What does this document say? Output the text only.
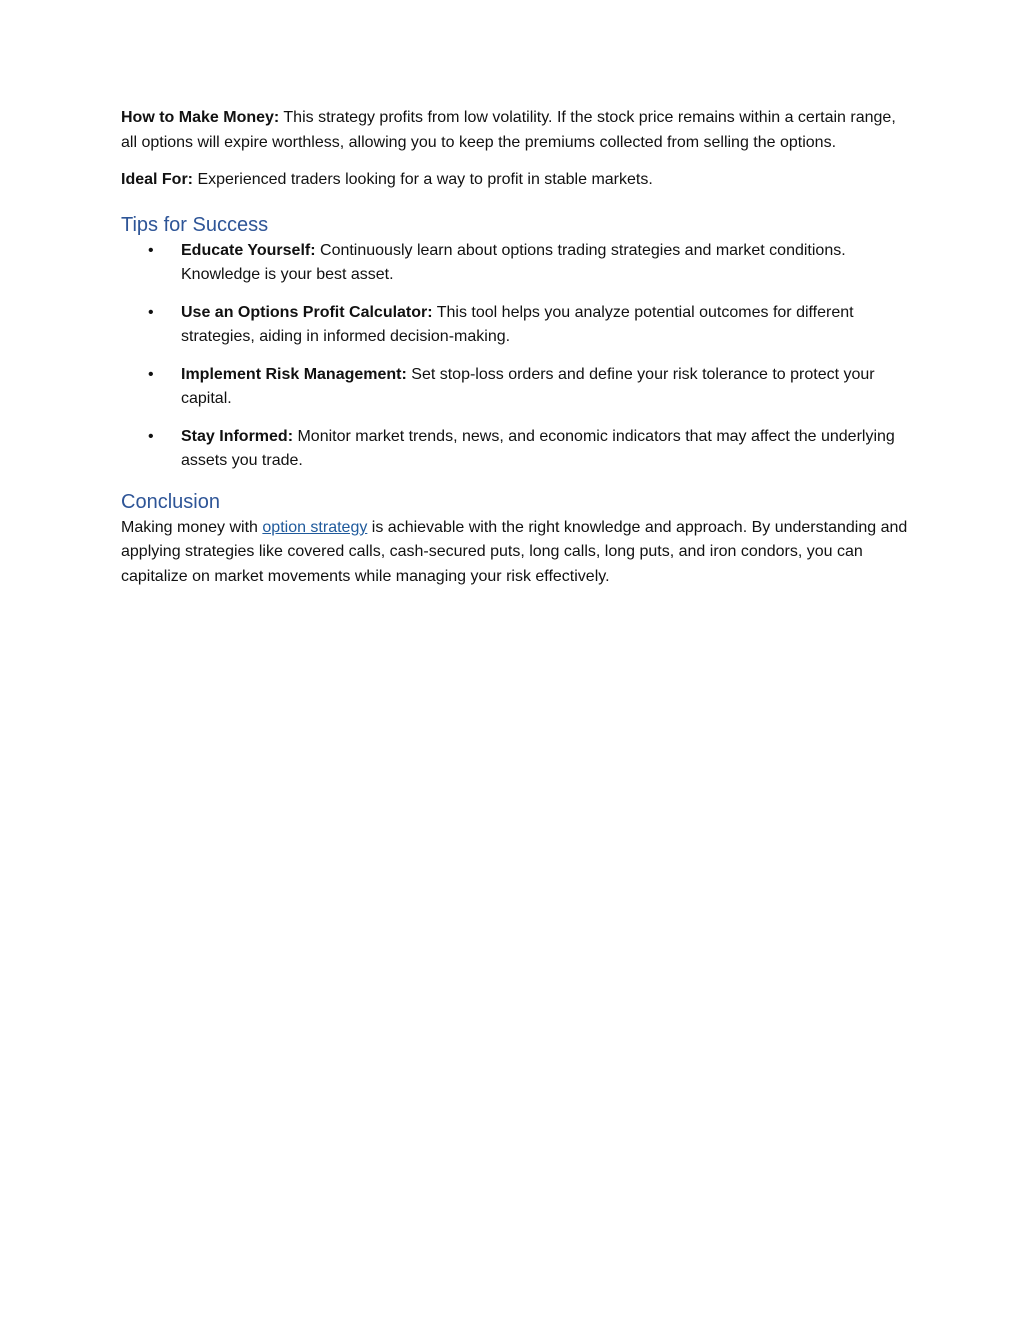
How to Make Money: This strategy profits from low volatility. If the stock price remains within a certain range, all options will expire worthless, allowing you to keep the premiums collected from selling the options.

Ideal For: Experienced traders looking for a way to profit in stable markets.

Tips for Success
• Educate Yourself: Continuously learn about options trading strategies and market conditions. Knowledge is your best asset.
• Use an Options Profit Calculator: This tool helps you analyze potential outcomes for different strategies, aiding in informed decision-making.
• Implement Risk Management: Set stop-loss orders and define your risk tolerance to protect your capital.
• Stay Informed: Monitor market trends, news, and economic indicators that may affect the underlying assets you trade.
Conclusion

Making money with option strategy is achievable with the right knowledge and approach. By understanding and applying strategies like covered calls, cash-secured puts, long calls, long puts, and iron condors, you can capitalize on market movements while managing your risk effectively.
